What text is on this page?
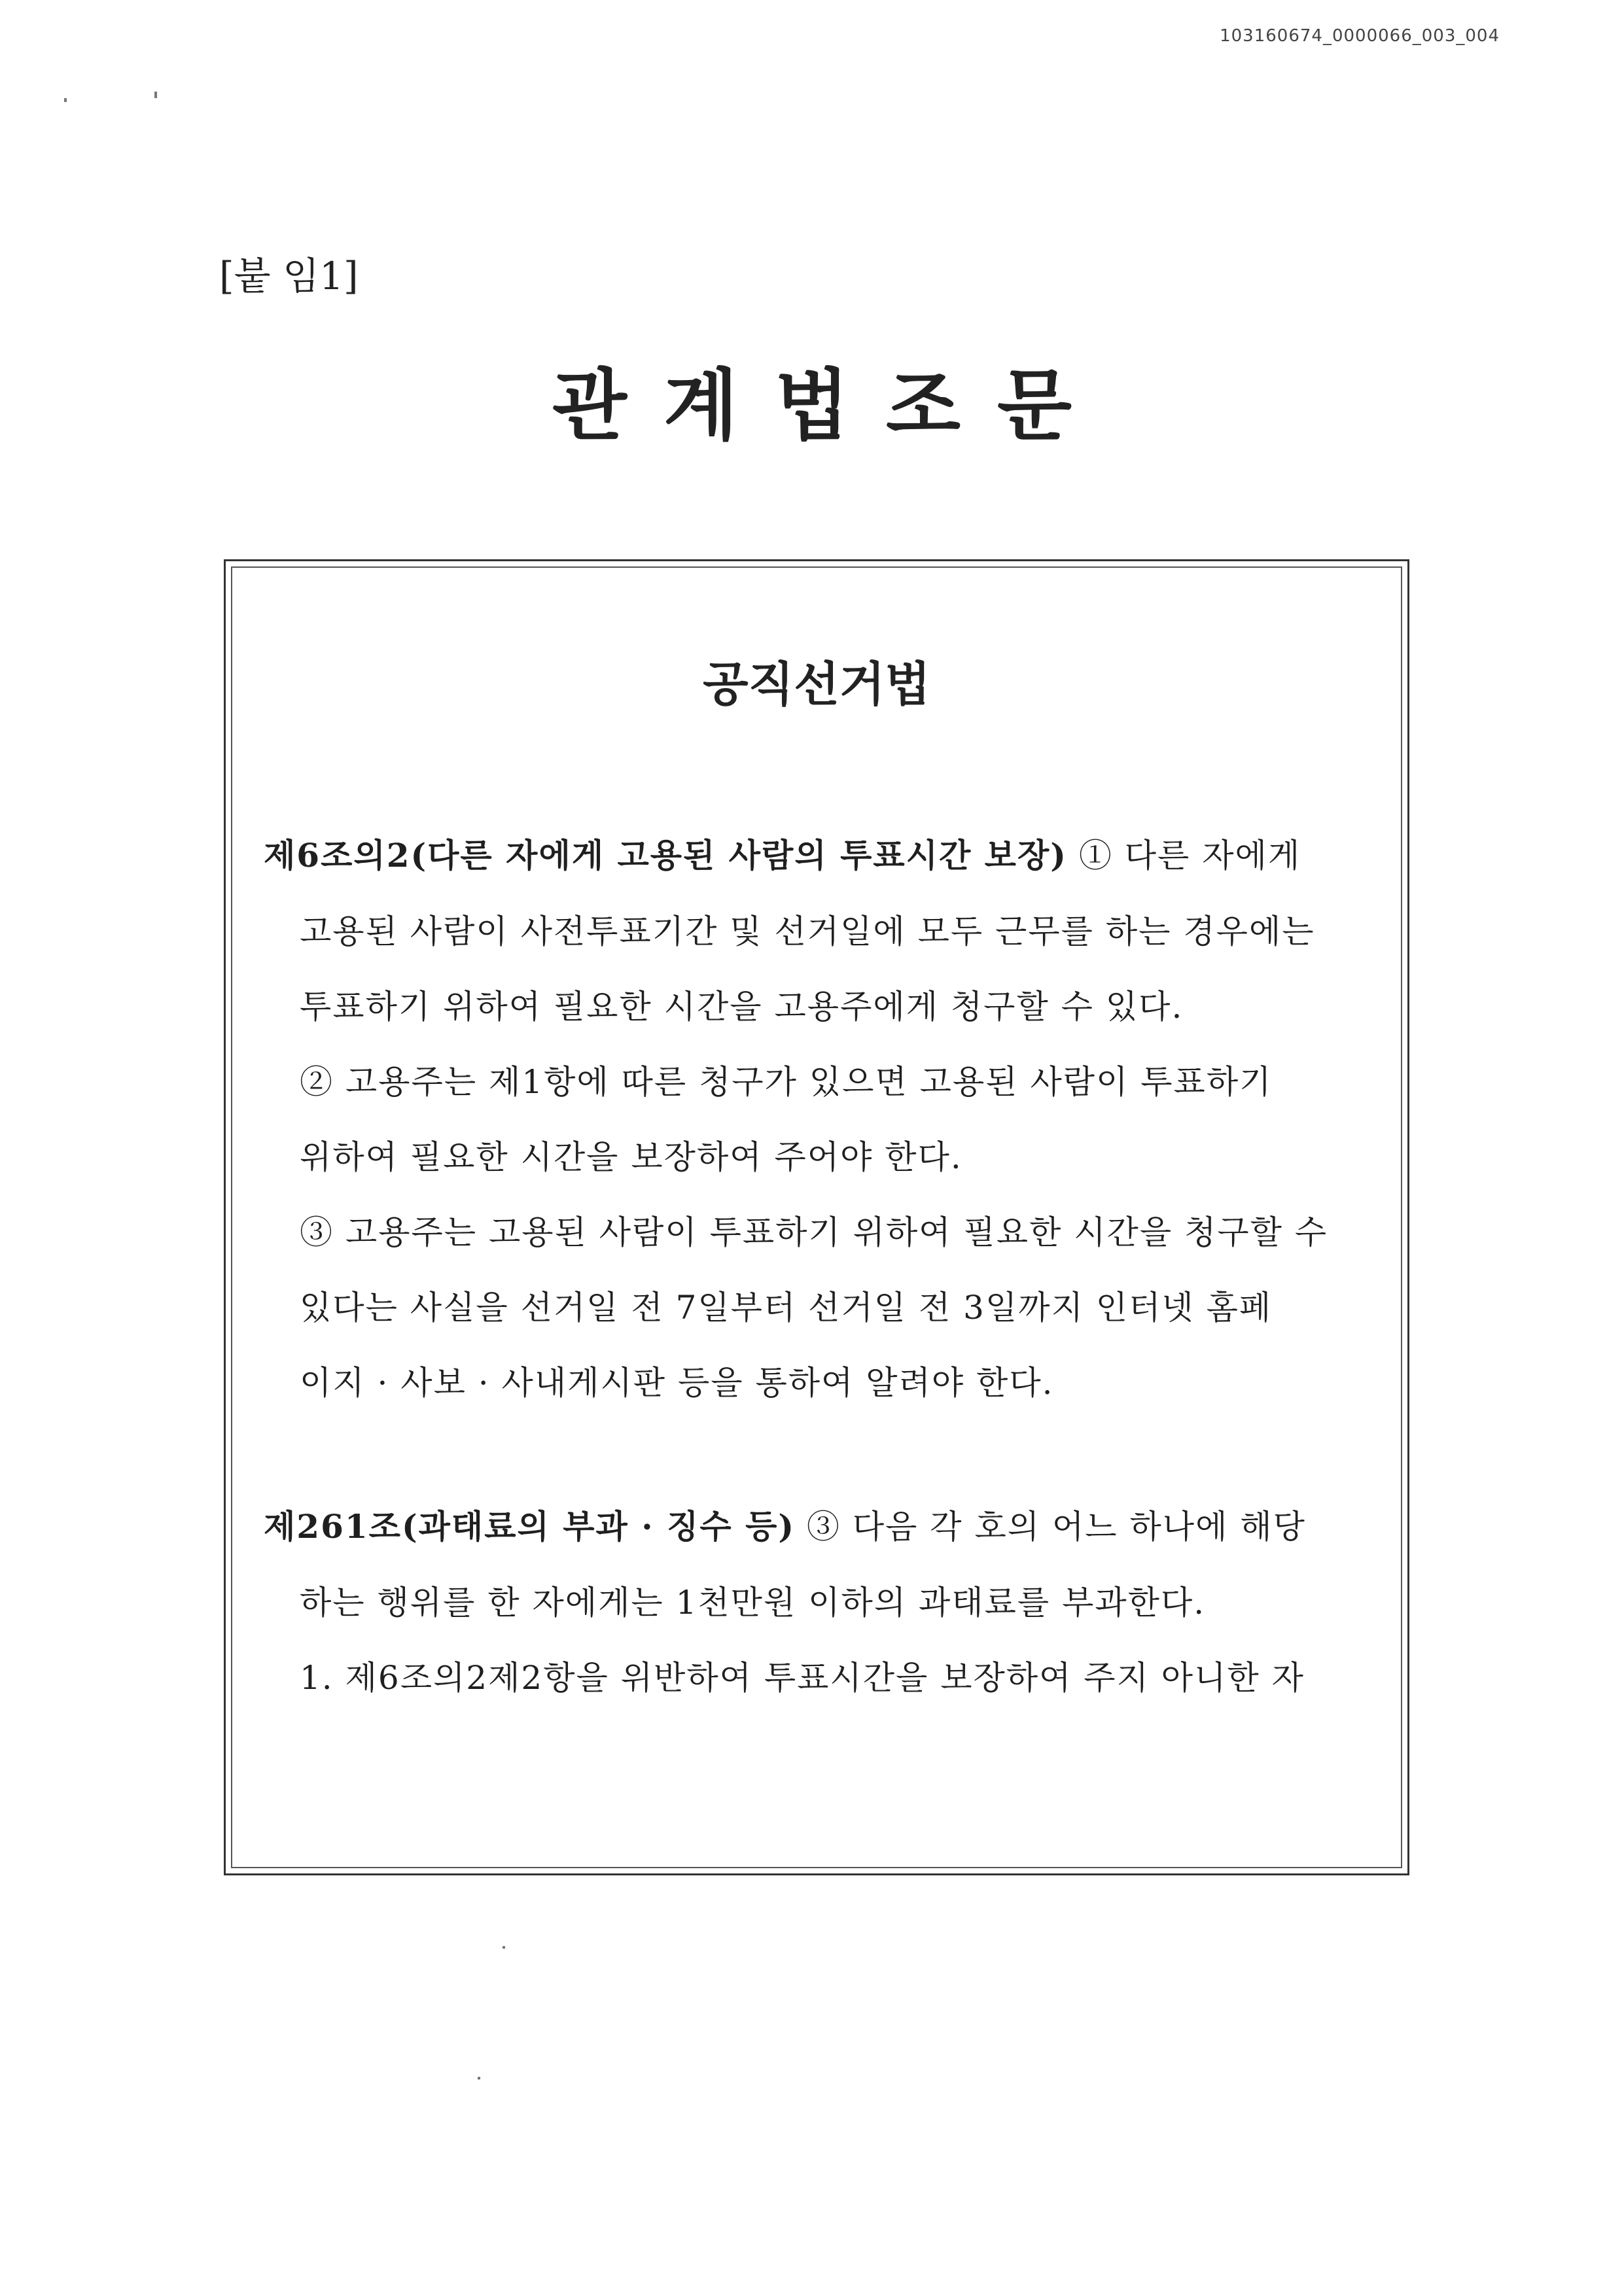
103160674_0000066_003_004
[붙 임1]
관계법조문
공직선거법
제6조의2(다른 자에게 고용된 사람의 투표시간 보장) ① 다른 자에게
고용된 사람이 사전투표기간 및 선거일에 모두 근무를 하는 경우에는
투표하기 위하여 필요한 시간을 고용주에게 청구할 수 있다.
② 고용주는 제1항에 따른 청구가 있으면 고용된 사람이 투표하기
위하여 필요한 시간을 보장하여 주어야 한다.
③ 고용주는 고용된 사람이 투표하기 위하여 필요한 시간을 청구할 수
있다는 사실을 선거일 전 7일부터 선거일 전 3일까지 인터넷 홈페
이지 · 사보 · 사내게시판 등을 통하여 알려야 한다.
제261조(과태료의 부과 · 징수 등) ③ 다음 각 호의 어느 하나에 해당
하는 행위를 한 자에게는 1천만원 이하의 과태료를 부과한다.
1. 제6조의2제2항을 위반하여 투표시간을 보장하여 주지 아니한 자
